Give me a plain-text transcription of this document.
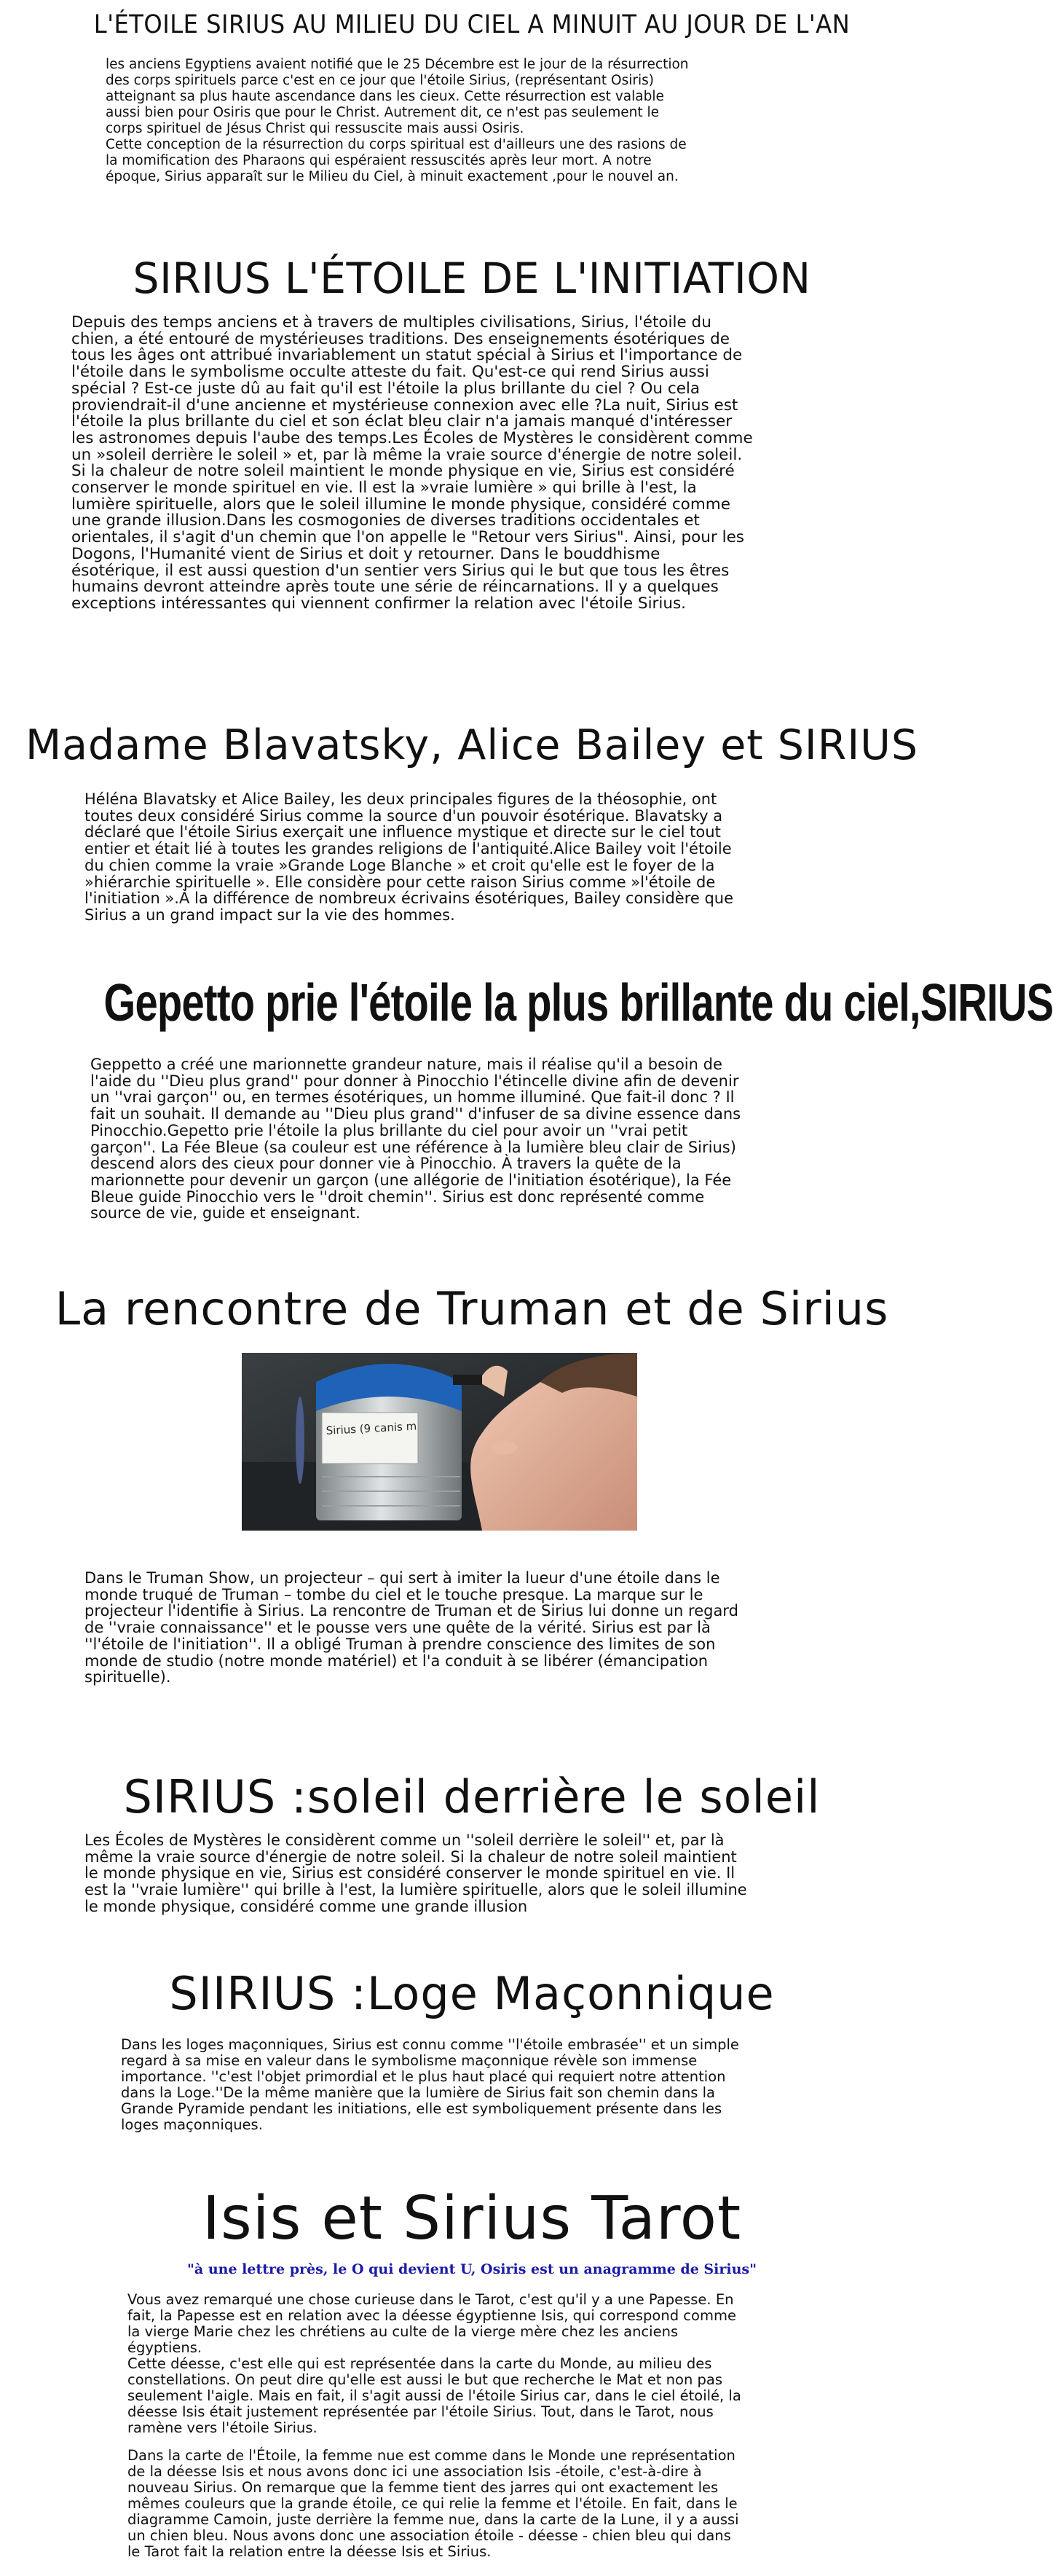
L'ÉTOILE SIRIUS AU MILIEU DU CIEL A MINUIT AU JOUR DE L'AN

les anciens Egyptiens avaient notifié que le 25 Décembre est le jour de la résurrection
des corps spirituels parce c'est en ce jour que l'étoile Sirius, (représentant Osiris)
atteignant sa plus haute ascendance dans les cieux. Cette résurrection est valable
aussi bien pour Osiris que pour le Christ. Autrement dit, ce n'est pas seulement le
corps spirituel de Jésus Christ qui ressuscite mais aussi Osiris.
Cette conception de la résurrection du corps spiritual est d'ailleurs une des rasions de
la momification des Pharaons qui espéraient ressuscités après leur mort. A notre
époque, Sirius apparaît sur le Milieu du Ciel, à minuit exactement ,pour le nouvel an.

SIRIUS L'ÉTOILE DE L'INITIATION

Depuis des temps anciens et à travers de multiples civilisations, Sirius, l'étoile du
chien, a été entouré de mystérieuses traditions. Des enseignements ésotériques de
tous les âges ont attribué invariablement un statut spécial à Sirius et l'importance de
l'étoile dans le symbolisme occulte atteste du fait. Qu'est-ce qui rend Sirius aussi
spécial ? Est-ce juste dû au fait qu'il est l'étoile la plus brillante du ciel ? Ou cela
proviendrait-il d'une ancienne et mystérieuse connexion avec elle ?La nuit, Sirius est
l'étoile la plus brillante du ciel et son éclat bleu clair n'a jamais manqué d'intéresser
les astronomes depuis l'aube des temps.Les Écoles de Mystères le considèrent comme
un »soleil derrière le soleil » et, par là même la vraie source d'énergie de notre soleil.
Si la chaleur de notre soleil maintient le monde physique en vie, Sirius est considéré
conserver le monde spirituel en vie. Il est la »vraie lumière » qui brille à l'est, la
lumière spirituelle, alors que le soleil illumine le monde physique, considéré comme
une grande illusion.Dans les cosmogonies de diverses traditions occidentales et
orientales, il s'agit d'un chemin que l'on appelle le "Retour vers Sirius". Ainsi, pour les
Dogons, l'Humanité vient de Sirius et doit y retourner. Dans le bouddhisme
ésotérique, il est aussi question d'un sentier vers Sirius qui le but que tous les êtres
humains devront atteindre après toute une série de réincarnations. Il y a quelques
exceptions intéressantes qui viennent confirmer la relation avec l'étoile Sirius.

Madame Blavatsky, Alice Bailey et SIRIUS

Héléna Blavatsky et Alice Bailey, les deux principales figures de la théosophie, ont
toutes deux considéré Sirius comme la source d'un pouvoir ésotérique. Blavatsky a
déclaré que l'étoile Sirius exerçait une influence mystique et directe sur le ciel tout
entier et était lié à toutes les grandes religions de l'antiquité.Alice Bailey voit l'étoile
du chien comme la vraie »Grande Loge Blanche » et croit qu'elle est le foyer de la
»hiérarchie spirituelle ». Elle considère pour cette raison Sirius comme »l'étoile de
l'initiation ».À la différence de nombreux écrivains ésotériques, Bailey considère que
Sirius a un grand impact sur la vie des hommes.

Gepetto prie l'étoile la plus brillante du ciel,SIRIUS

Geppetto a créé une marionnette grandeur nature, mais il réalise qu'il a besoin de
l'aide du ''Dieu plus grand'' pour donner à Pinocchio l'étincelle divine afin de devenir
un ''vrai garçon'' ou, en termes ésotériques, un homme illuminé. Que fait-il donc ? Il
fait un souhait. Il demande au ''Dieu plus grand'' d'infuser de sa divine essence dans
Pinocchio.Gepetto prie l'étoile la plus brillante du ciel pour avoir un ''vrai petit
garçon''. La Fée Bleue (sa couleur est une référence à la lumière bleu clair de Sirius)
descend alors des cieux pour donner vie à Pinocchio. À travers la quête de la
marionnette pour devenir un garçon (une allégorie de l'initiation ésotérique), la Fée
Bleue guide Pinocchio vers le ''droit chemin''. Sirius est donc représenté comme
source de vie, guide et enseignant.

La rencontre de Truman et de Sirius
Sirius (9 canis m

Dans le Truman Show, un projecteur – qui sert à imiter la lueur d'une étoile dans le
monde truqué de Truman – tombe du ciel et le touche presque. La marque sur le
projecteur l'identifie à Sirius. La rencontre de Truman et de Sirius lui donne un regard
de ''vraie connaissance'' et le pousse vers une quête de la vérité. Sirius est par là
''l'étoile de l'initiation''. Il a obligé Truman à prendre conscience des limites de son
monde de studio (notre monde matériel) et l'a conduit à se libérer (émancipation
spirituelle).

SIRIUS :soleil derrière le soleil

Les Écoles de Mystères le considèrent comme un ''soleil derrière le soleil'' et, par là
même la vraie source d'énergie de notre soleil. Si la chaleur de notre soleil maintient
le monde physique en vie, Sirius est considéré conserver le monde spirituel en vie. Il
est la ''vraie lumière'' qui brille à l'est, la lumière spirituelle, alors que le soleil illumine
le monde physique, considéré comme une grande illusion

SIIRIUS :Loge Maçonnique

Dans les loges maçonniques, Sirius est connu comme ''l'étoile embrasée'' et un simple
regard à sa mise en valeur dans le symbolisme maçonnique révèle son immense
importance. ''c'est l'objet primordial et le plus haut placé qui requiert notre attention
dans la Loge.''De la même manière que la lumière de Sirius fait son chemin dans la
Grande Pyramide pendant les initiations, elle est symboliquement présente dans les
loges maçonniques.

Isis et Sirius Tarot
"à une lettre près, le O qui devient U, Osiris est un anagramme de Sirius"

Vous avez remarqué une chose curieuse dans le Tarot, c'est qu'il y a une Papesse. En
fait, la Papesse est en relation avec la déesse égyptienne Isis, qui correspond comme
la vierge Marie chez les chrétiens au culte de la vierge mère chez les anciens
égyptiens.
Cette déesse, c'est elle qui est représentée dans la carte du Monde, au milieu des
constellations. On peut dire qu'elle est aussi le but que recherche le Mat et non pas
seulement l'aigle. Mais en fait, il s'agit aussi de l'étoile Sirius car, dans le ciel étoilé, la
déesse Isis était justement représentée par l'étoile Sirius. Tout, dans le Tarot, nous
ramène vers l'étoile Sirius.

Dans la carte de l'Étoile, la femme nue est comme dans le Monde une représentation
de la déesse Isis et nous avons donc ici une association Isis -étoile, c'est-à-dire à
nouveau Sirius. On remarque que la femme tient des jarres qui ont exactement les
mêmes couleurs que la grande étoile, ce qui relie la femme et l'étoile. En fait, dans le
diagramme Camoin, juste derrière la femme nue, dans la carte de la Lune, il y a aussi
un chien bleu. Nous avons donc une association étoile - déesse - chien bleu qui dans
le Tarot fait la relation entre la déesse Isis et Sirius.
